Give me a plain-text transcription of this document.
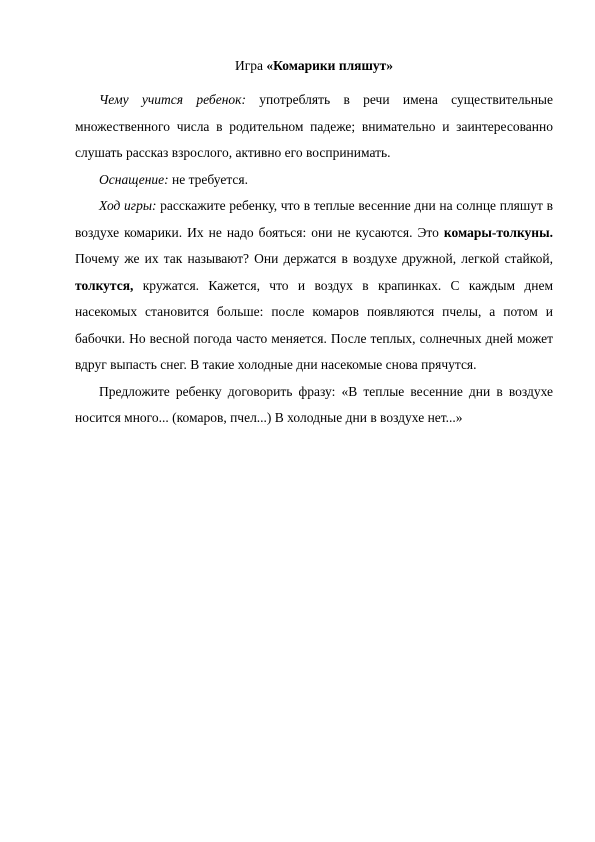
Игра «Комарики пляшут»

Чему учится ребенок: употреблять в речи имена существительные множественного числа в родительном падеже; внимательно и заинтересованно слушать рассказ взрослого, активно его воспринимать.

Оснащение: не требуется.

Ход игры: расскажите ребенку, что в теплые весенние дни на солнце пляшут в воздухе комарики. Их не надо бояться: они не кусаются. Это комары-толкуны. Почему же их так называют? Они держатся в воздухе дружной, легкой стайкой, толкутся, кружатся. Кажется, что и воздух в крапинках. С каждым днем насекомых становится больше: после комаров появляются пчелы, а потом и бабочки. Но весной погода часто меняется. После теплых, солнечных дней может вдруг выпасть снег. В такие холодные дни насекомые снова прячутся.

Предложите ребенку договорить фразу: «В теплые весенние дни в воздухе носится много... (комаров, пчел...) В холодные дни в воздухе нет...»
